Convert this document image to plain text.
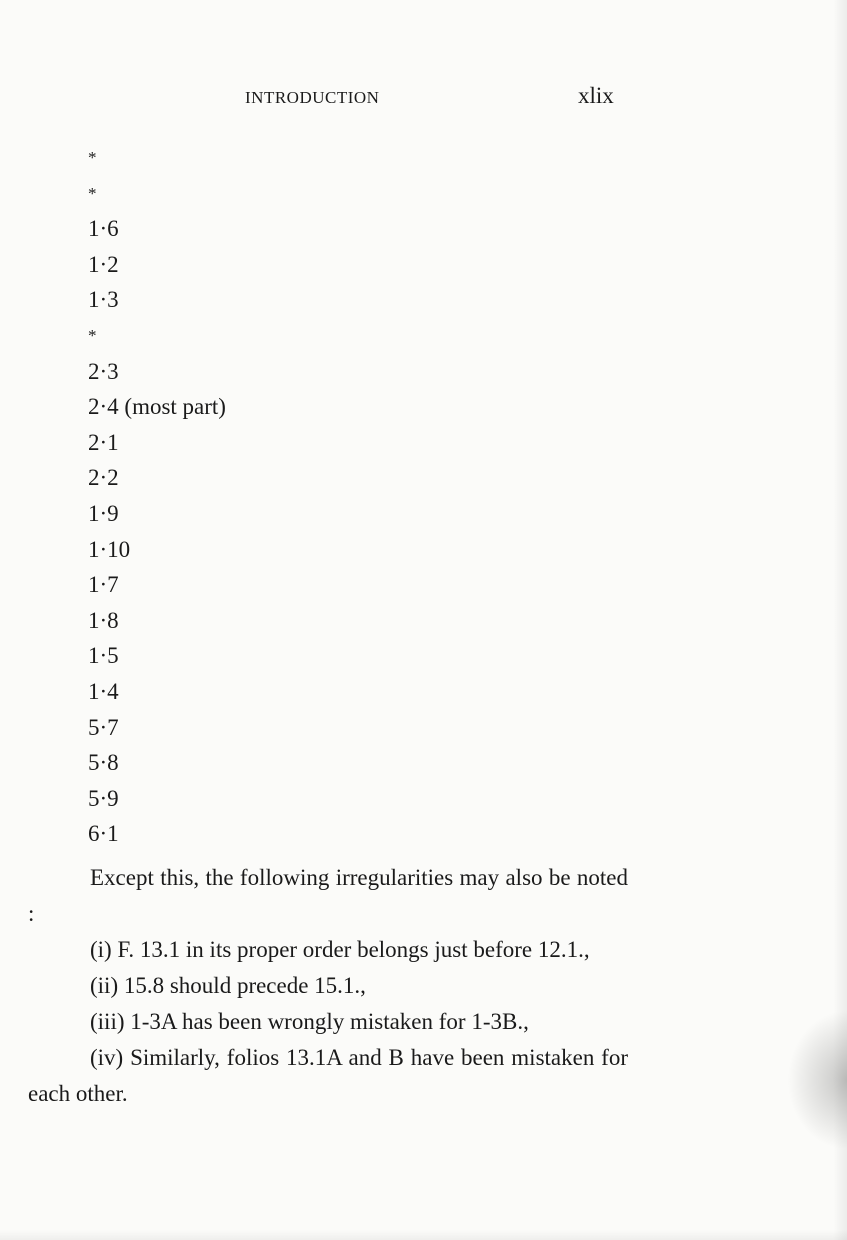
INTRODUCTION	xlix
*
*
1·6
1·2
1·3
*
2·3
2·4 (most part)
2·1
2·2
1·9
1·10
1·7
1·8
1·5
1·4
5·7
5·8
5·9
6·1

Except this, the following irregularities may also be noted :

(i) F. 13.1 in its proper order belongs just before 12.1.,

(ii) 15.8 should precede 15.1.,

(iii) 1-3A has been wrongly mistaken for 1-3B.,

(iv) Similarly, folios 13.1A and B have been mistaken for each other.
